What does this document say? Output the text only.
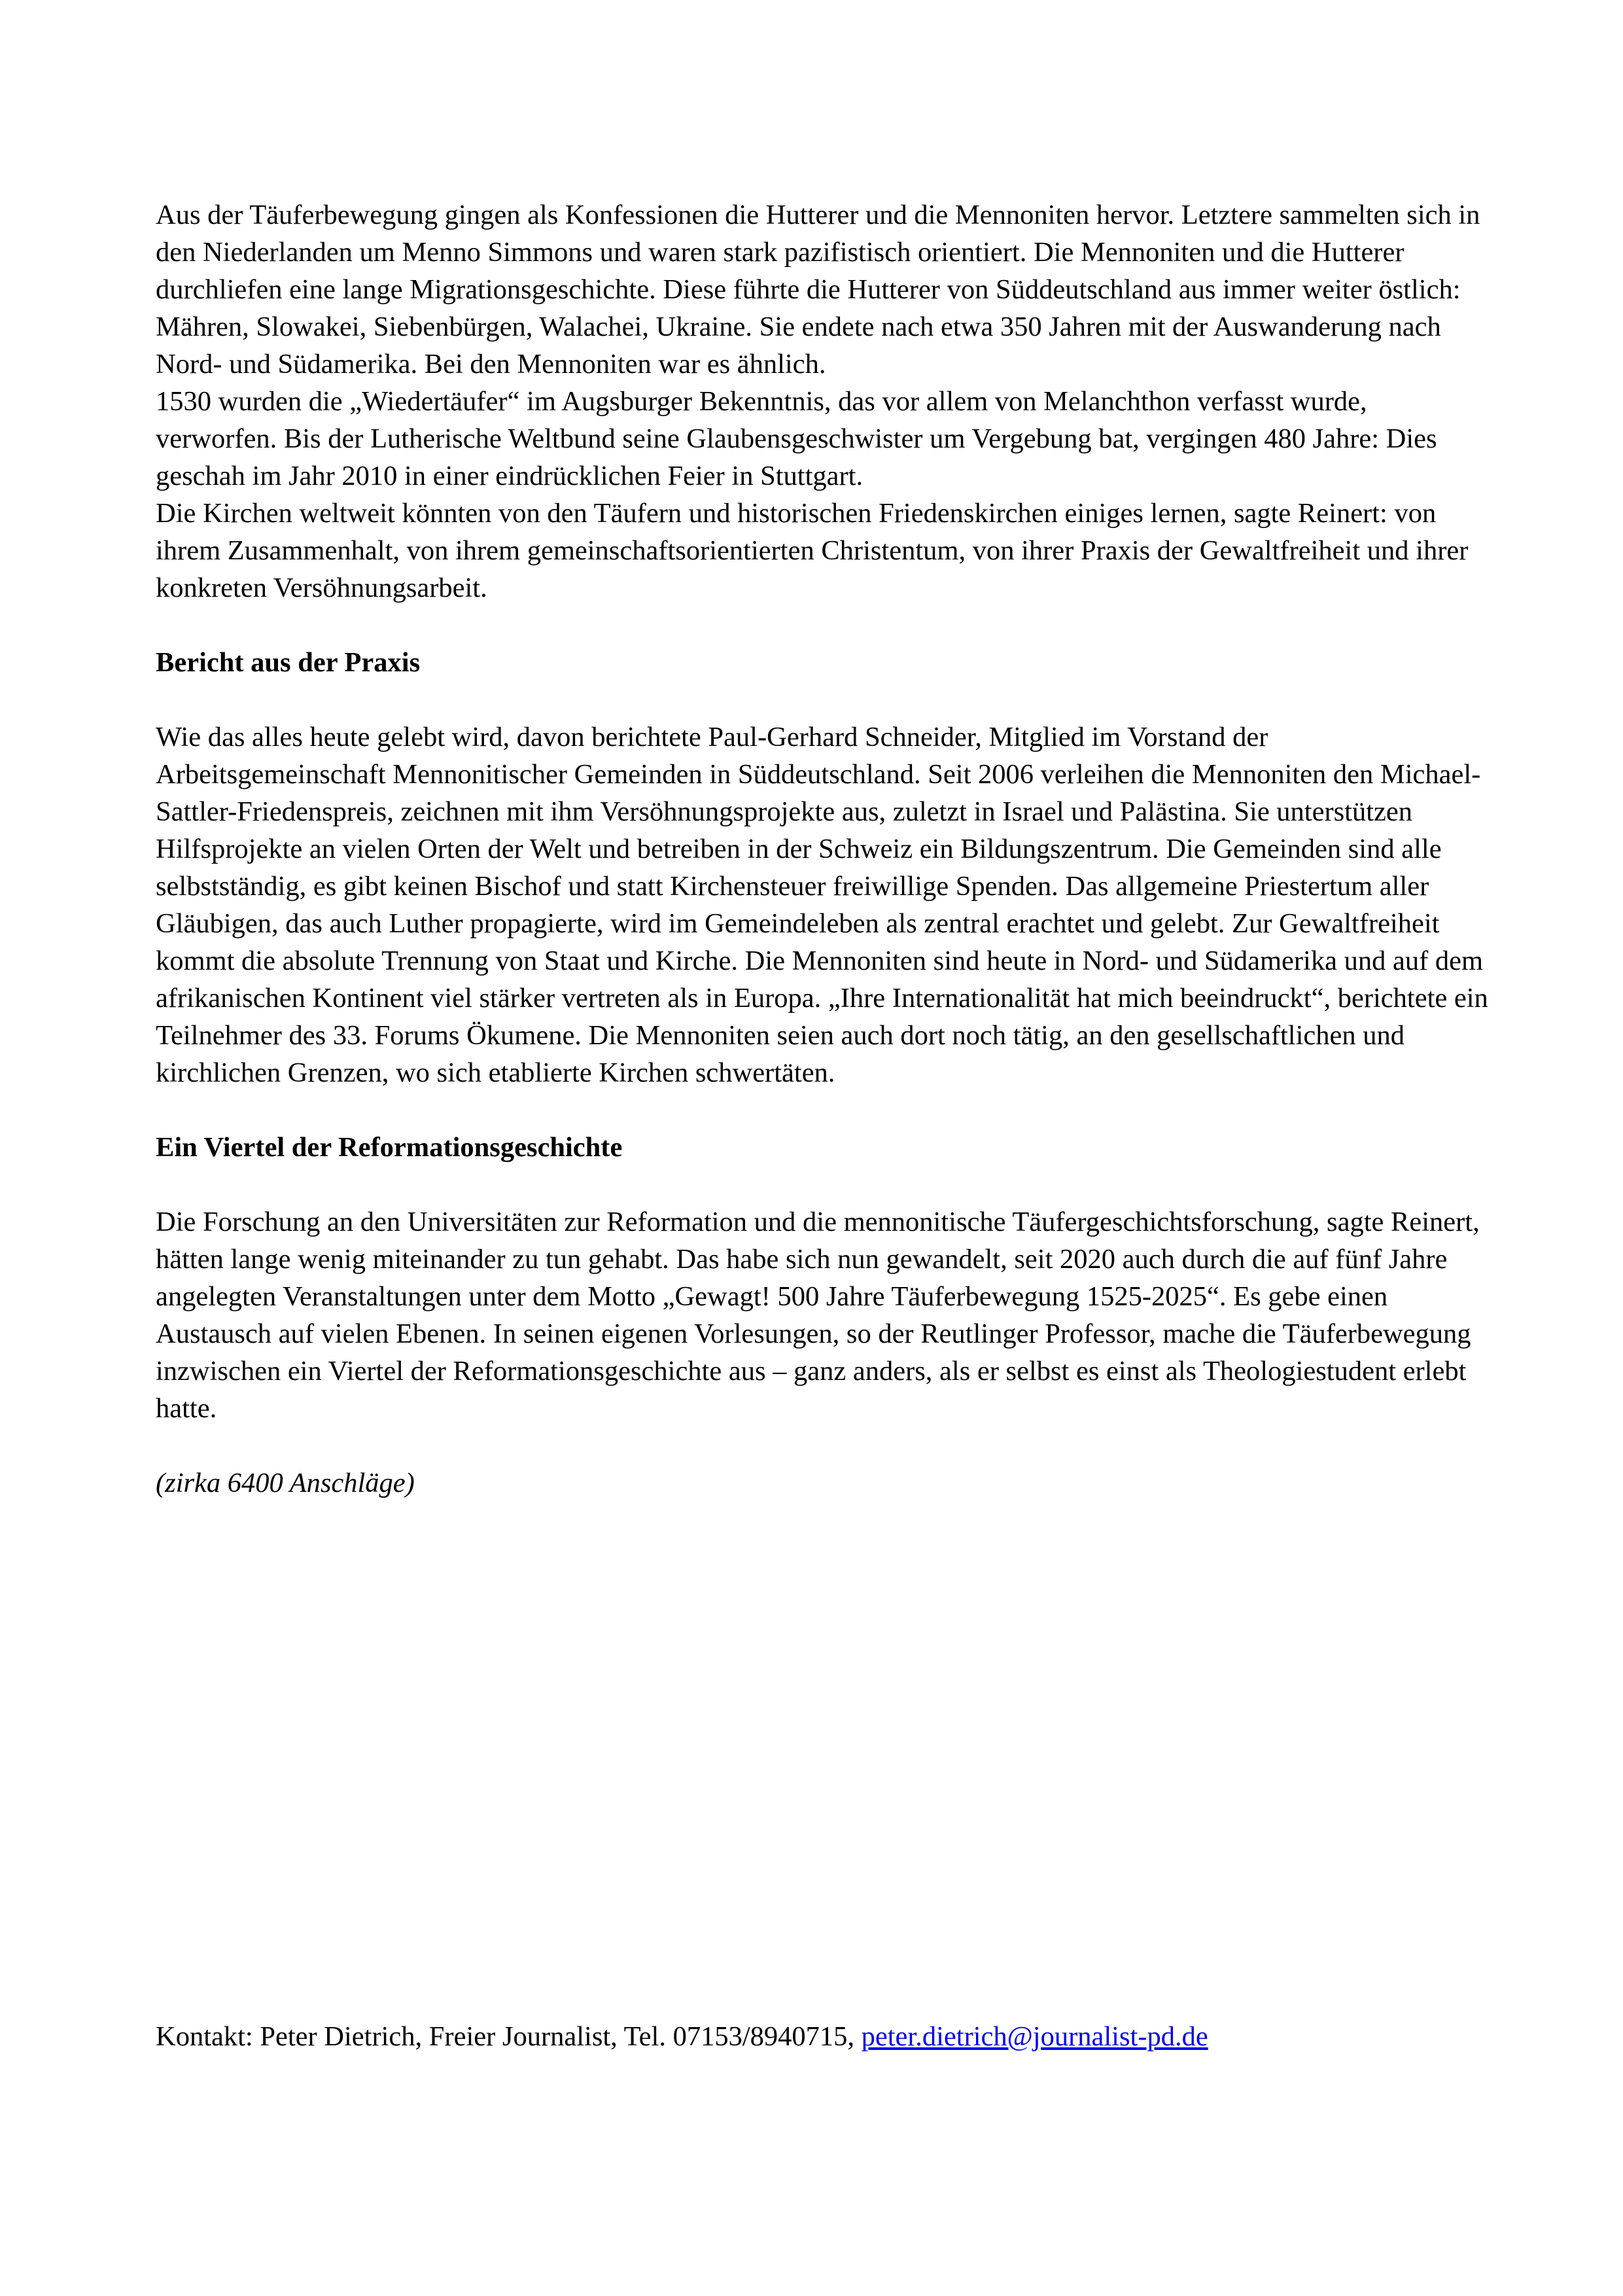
Aus der Täuferbewegung gingen als Konfessionen die Hutterer und die Mennoniten hervor. Letztere sammelten sich in den Niederlanden um Menno Simmons und waren stark pazifistisch orientiert. Die Mennoniten und die Hutterer durchliefen eine lange Migrationsgeschichte. Diese führte die Hutterer von Süddeutschland aus immer weiter östlich: Mähren, Slowakei, Siebenbürgen, Walachei, Ukraine. Sie endete nach etwa 350 Jahren mit der Auswanderung nach Nord- und Südamerika. Bei den Mennoniten war es ähnlich.

1530 wurden die „Wiedertäufer“ im Augsburger Bekenntnis, das vor allem von Melanchthon verfasst wurde, verworfen. Bis der Lutherische Weltbund seine Glaubensgeschwister um Vergebung bat, vergingen 480 Jahre: Dies geschah im Jahr 2010 in einer eindrücklichen Feier in Stuttgart.

Die Kirchen weltweit könnten von den Täufern und historischen Friedenskirchen einiges lernen, sagte Reinert: von ihrem Zusammenhalt, von ihrem gemeinschaftsorientierten Christentum, von ihrer Praxis der Gewaltfreiheit und ihrer konkreten Versöhnungsarbeit.

Bericht aus der Praxis

Wie das alles heute gelebt wird, davon berichtete Paul-Gerhard Schneider, Mitglied im Vorstand der Arbeitsgemeinschaft Mennonitischer Gemeinden in Süddeutschland. Seit 2006 verleihen die Mennoniten den Michael-Sattler-Friedenspreis, zeichnen mit ihm Versöhnungsprojekte aus, zuletzt in Israel und Palästina. Sie unterstützen Hilfsprojekte an vielen Orten der Welt und betreiben in der Schweiz ein Bildungszentrum. Die Gemeinden sind alle selbstständig, es gibt keinen Bischof und statt Kirchensteuer freiwillige Spenden. Das allgemeine Priestertum aller Gläubigen, das auch Luther propagierte, wird im Gemeindeleben als zentral erachtet und gelebt. Zur Gewaltfreiheit kommt die absolute Trennung von Staat und Kirche. Die Mennoniten sind heute in Nord- und Südamerika und auf dem afrikanischen Kontinent viel stärker vertreten als in Europa. „Ihre Internationalität hat mich beeindruckt“, berichtete ein Teilnehmer des 33. Forums Ökumene. Die Mennoniten seien auch dort noch tätig, an den gesellschaftlichen und kirchlichen Grenzen, wo sich etablierte Kirchen schwertäten.

Ein Viertel der Reformationsgeschichte

Die Forschung an den Universitäten zur Reformation und die mennonitische Täufergeschichtsforschung, sagte Reinert, hätten lange wenig miteinander zu tun gehabt. Das habe sich nun gewandelt, seit 2020 auch durch die auf fünf Jahre angelegten Veranstaltungen unter dem Motto „Gewagt! 500 Jahre Täuferbewegung 1525-2025“. Es gebe einen Austausch auf vielen Ebenen. In seinen eigenen Vorlesungen, so der Reutlinger Professor, mache die Täuferbewegung inzwischen ein Viertel der Reformationsgeschichte aus – ganz anders, als er selbst es einst als Theologiestudent erlebt hatte.

(zirka 6400 Anschläge)

Kontakt: Peter Dietrich, Freier Journalist, Tel. 07153/8940715, peter.dietrich@journalist-pd.de
